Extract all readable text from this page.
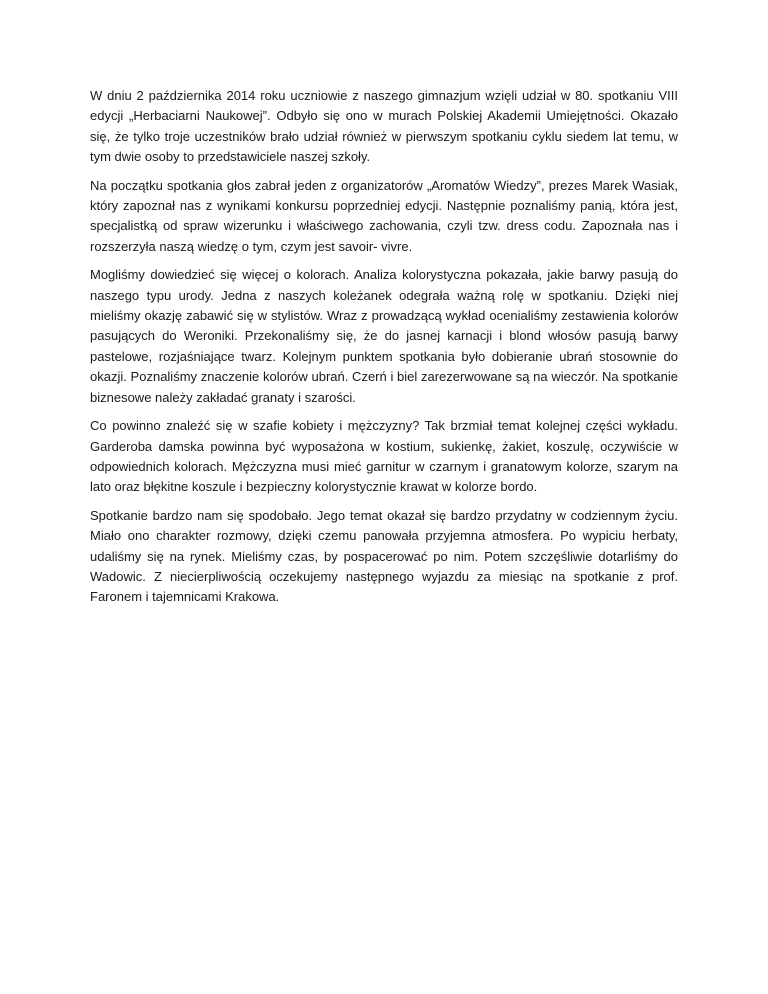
W dniu 2 października 2014 roku uczniowie z naszego gimnazjum wzięli udział w 80. spotkaniu VIII edycji „Herbaciarni Naukowej”. Odbyło się ono w murach Polskiej Akademii Umiejętności. Okazało się, że tylko troje uczestników brało udział również w pierwszym spotkaniu cyklu siedem lat temu, w tym dwie osoby to przedstawiciele naszej szkoły.

Na początku spotkania głos zabrał jeden z organizatorów „Aromatów Wiedzy”, prezes Marek Wasiak, który zapoznał nas z wynikami konkursu poprzedniej edycji. Następnie poznaliśmy panią, która jest, specjalistką od spraw wizerunku i właściwego zachowania, czyli tzw. dress codu. Zapoznała nas i rozszerzyła naszą wiedzę o tym, czym jest savoir- vivre.

Mogliśmy dowiedzieć się więcej o kolorach. Analiza kolorystyczna pokazała, jakie barwy pasują do naszego typu urody. Jedna z naszych koleżanek odegrała ważną rolę w spotkaniu. Dzięki niej mieliśmy okazję zabawić się w stylistów. Wraz z prowadzącą wykład ocenialiśmy zestawienia kolorów pasujących do Weroniki. Przekonaliśmy się, że do jasnej karnacji i blond włosów pasują barwy pastelowe, rozjaśniające twarz. Kolejnym punktem spotkania było dobieranie ubrań stosownie do okazji. Poznaliśmy znaczenie kolorów ubrań. Czerń i biel zarezerwowane są na wieczór. Na spotkanie biznesowe należy zakładać granaty i szarości.

Co powinno znaleźć się w szafie kobiety i mężczyzny? Tak brzmiał temat kolejnej części wykładu. Garderoba damska powinna być wyposażona w kostium, sukienkę, żakiet, koszulę, oczywiście w odpowiednich kolorach. Mężczyzna musi mieć garnitur w czarnym i granatowym kolorze, szarym na lato oraz błękitne koszule i bezpieczny kolorystycznie krawat w kolorze bordo.

Spotkanie bardzo nam się spodobało. Jego temat okazał się bardzo przydatny w codziennym życiu. Miało ono charakter rozmowy, dzięki czemu panowała przyjemna atmosfera. Po wypiciu herbaty, udaliśmy się na rynek. Mieliśmy czas, by pospacerować po nim. Potem szczęśliwie dotarliśmy do Wadowic. Z niecierpliwością oczekujemy następnego wyjazdu za miesiąc na spotkanie z prof. Faronem i tajemnicami Krakowa.
